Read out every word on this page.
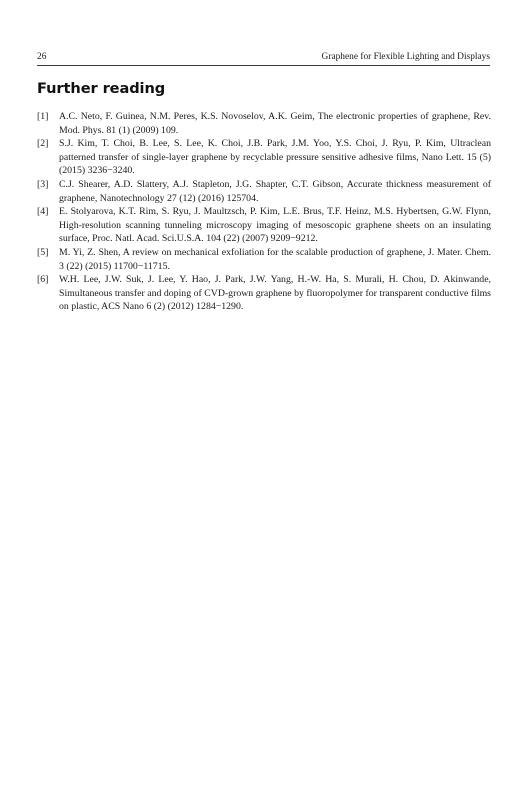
26	Graphene for Flexible Lighting and Displays
Further reading
[1] A.C. Neto, F. Guinea, N.M. Peres, K.S. Novoselov, A.K. Geim, The electronic properties of graphene, Rev. Mod. Phys. 81 (1) (2009) 109.
[2] S.J. Kim, T. Choi, B. Lee, S. Lee, K. Choi, J.B. Park, J.M. Yoo, Y.S. Choi, J. Ryu, P. Kim, Ultraclean patterned transfer of single-layer graphene by recyclable pressure sensitive adhesive films, Nano Lett. 15 (5) (2015) 3236−3240.
[3] C.J. Shearer, A.D. Slattery, A.J. Stapleton, J.G. Shapter, C.T. Gibson, Accurate thickness measurement of graphene, Nanotechnology 27 (12) (2016) 125704.
[4] E. Stolyarova, K.T. Rim, S. Ryu, J. Maultzsch, P. Kim, L.E. Brus, T.F. Heinz, M.S. Hybertsen, G.W. Flynn, High-resolution scanning tunneling microscopy imaging of mesoscopic graphene sheets on an insulating surface, Proc. Natl. Acad. Sci.U.S.A. 104 (22) (2007) 9209−9212.
[5] M. Yi, Z. Shen, A review on mechanical exfoliation for the scalable production of graphene, J. Mater. Chem. 3 (22) (2015) 11700−11715.
[6] W.H. Lee, J.W. Suk, J. Lee, Y. Hao, J. Park, J.W. Yang, H.-W. Ha, S. Murali, H. Chou, D. Akinwande, Simultaneous transfer and doping of CVD-grown graphene by fluoropolymer for transparent conductive films on plastic, ACS Nano 6 (2) (2012) 1284−1290.
